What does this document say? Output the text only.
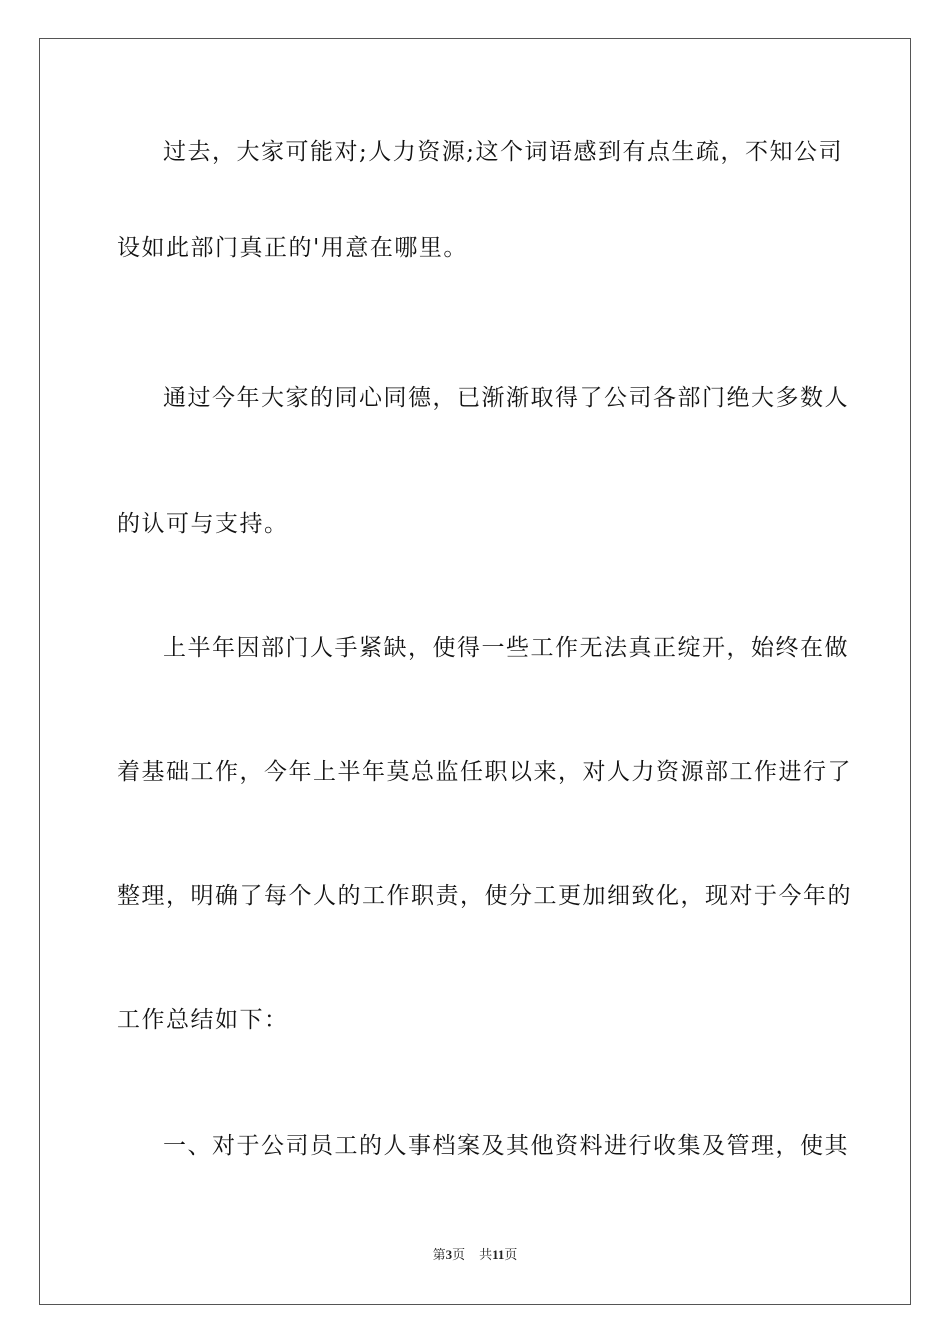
过去，大家可能对;人力资源;这个词语感到有点生疏，不知公司
设如此部门真正的'用意在哪里。
通过今年大家的同心同德，已渐渐取得了公司各部门绝大多数人
的认可与支持。
上半年因部门人手紧缺，使得一些工作无法真正绽开，始终在做
着基础工作，今年上半年莫总监任职以来，对人力资源部工作进行了
整理，明确了每个人的工作职责，使分工更加细致化，现对于今年的
工作总结如下：
一、对于公司员工的人事档案及其他资料进行收集及管理，使其
第3页 共11页
